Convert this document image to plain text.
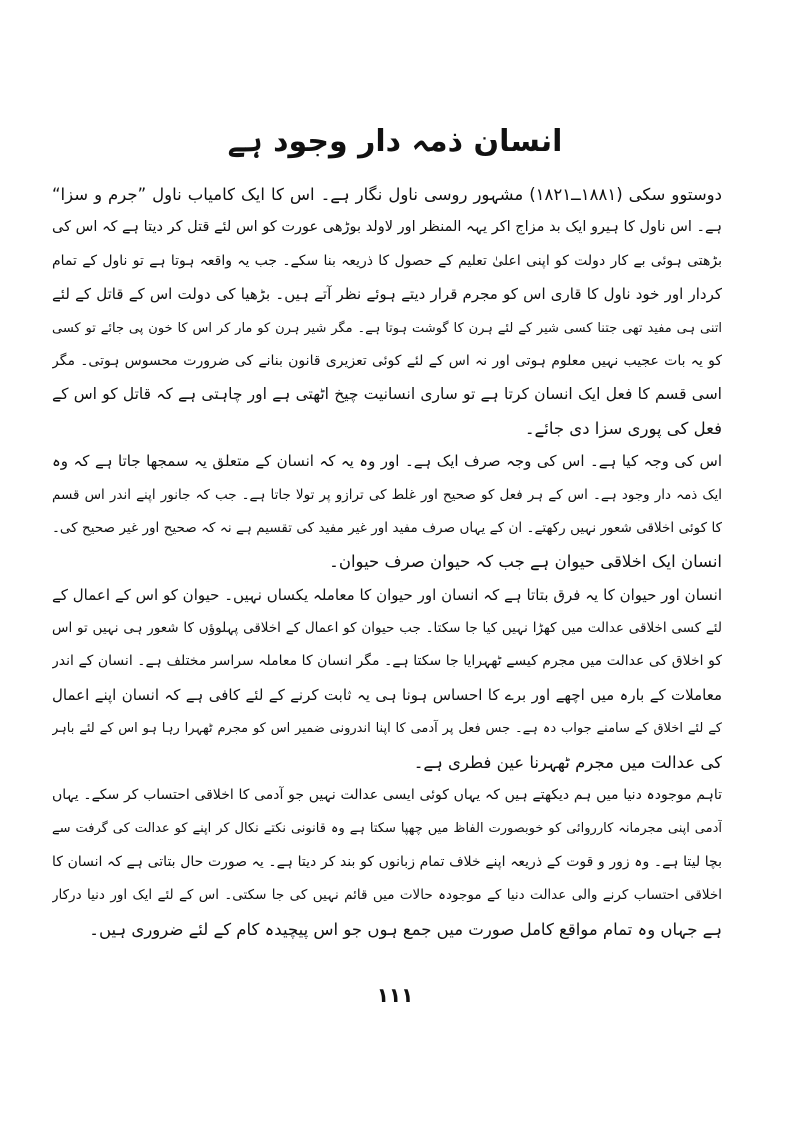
انسان ذمہ دار وجود ہے
دوستوو سکی (۱۸۸۱ــ۱۸۲۱) مشہور روسی ناول نگار ہے۔ اس کا ایک کامیاب ناول ”جرم و سزا“
ہے۔ اس ناول کا ہیرو ایک بد مزاج اکر یہہ المنظر اور لاولد بوڑھی عورت کو اس لئے قتل کر دیتا ہے کہ اس کی
بڑھتی ہوئی بے کار دولت کو اپنی اعلیٰ تعلیم کے حصول کا ذریعہ بنا سکے۔ جب یہ واقعہ ہوتا ہے تو ناول کے تمام
کردار اور خود ناول کا قاری اس کو مجرم قرار دیتے ہوئے نظر آتے ہیں۔ بڑھیا کی دولت اس کے قاتل کے لئے
اتنی ہی مفید تھی جتنا کسی شیر کے لئے ہرن کا گوشت ہوتا ہے۔ مگر شیر ہرن کو مار کر اس کا خون پی جائے تو کسی
کو یہ بات عجیب نہیں معلوم ہوتی اور نہ اس کے لئے کوئی تعزیری قانون بنانے کی ضرورت محسوس ہوتی۔ مگر
اسی قسم کا فعل ایک انسان کرتا ہے تو ساری انسانیت چیخ اٹھتی ہے اور چاہتی ہے کہ قاتل کو اس کے
فعل کی پوری سزا دی جائے۔
اس کی وجہ کیا ہے۔ اس کی وجہ صرف ایک ہے۔ اور وہ یہ کہ انسان کے متعلق یہ سمجھا جاتا ہے کہ وہ
ایک ذمہ دار وجود ہے۔ اس کے ہر فعل کو صحیح اور غلط کی ترازو پر تولا جاتا ہے۔ جب کہ جانور اپنے اندر اس قسم
کا کوئی اخلاقی شعور نہیں رکھتے۔ ان کے یہاں صرف مفید اور غیر مفید کی تقسیم ہے نہ کہ صحیح اور غیر صحیح کی۔
انسان ایک اخلاقی حیوان ہے جب کہ حیوان صرف حیوان۔
انسان اور حیوان کا یہ فرق بتاتا ہے کہ انسان اور حیوان کا معاملہ یکساں نہیں۔ حیوان کو اس کے اعمال کے
لئے کسی اخلاقی عدالت میں کھڑا نہیں کیا جا سکتا۔ جب حیوان کو اعمال کے اخلاقی پہلوؤں کا شعور ہی نہیں تو اس
کو اخلاق کی عدالت میں مجرم کیسے ٹھہرایا جا سکتا ہے۔ مگر انسان کا معاملہ سراسر مختلف ہے۔ انسان کے اندر
معاملات کے بارہ میں اچھے اور برے کا احساس ہونا ہی یہ ثابت کرنے کے لئے کافی ہے کہ انسان اپنے اعمال
کے لئے اخلاق کے سامنے جواب دہ ہے۔ جس فعل پر آدمی کا اپنا اندرونی ضمیر اس کو مجرم ٹھہرا رہا ہو اس کے لئے باہر
کی عدالت میں مجرم ٹھہرنا عین فطری ہے۔
تاہم موجودہ دنیا میں ہم دیکھتے ہیں کہ یہاں کوئی ایسی عدالت نہیں جو آدمی کا اخلاقی احتساب کر سکے۔ یہاں
آدمی اپنی مجرمانہ کارروائی کو خوبصورت الفاظ میں چھپا سکتا ہے وہ قانونی نکتے نکال کر اپنے کو عدالت کی گرفت سے
بچا لیتا ہے۔ وہ زور و قوت کے ذریعہ اپنے خلاف تمام زبانوں کو بند کر دیتا ہے۔ یہ صورت حال بتاتی ہے کہ انسان کا
اخلاقی احتساب کرنے والی عدالت دنیا کے موجودہ حالات میں قائم نہیں کی جا سکتی۔ اس کے لئے ایک اور دنیا درکار
ہے جہاں وہ تمام مواقع کامل صورت میں جمع ہوں جو اس پیچیدہ کام کے لئے ضروری ہیں۔
۱۱۱
